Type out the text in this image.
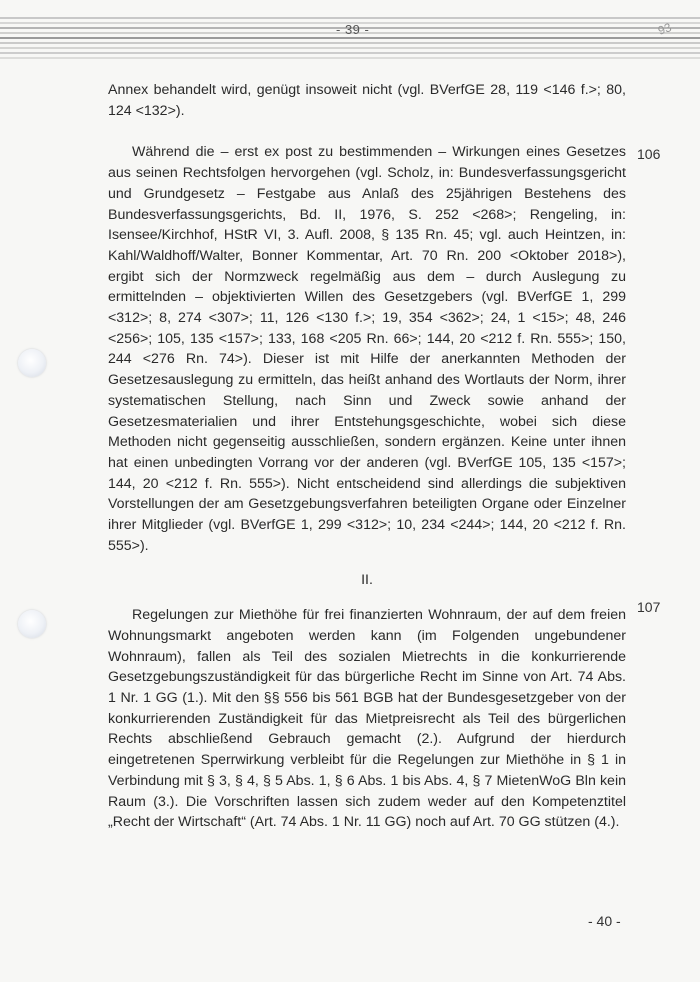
- 39 -	93
106
107

Annex behandelt wird, genügt insoweit nicht (vgl. BVerfGE 28, 119 <146 f.>; 80, 124 <132>).

Während die – erst ex post zu bestimmenden – Wirkungen eines Gesetzes aus seinen Rechtsfolgen hervorgehen (vgl. Scholz, in: Bundesverfassungsgericht und Grundgesetz – Festgabe aus Anlaß des 25jährigen Bestehens des Bundesverfassungsgerichts, Bd. II, 1976, S. 252 <268>; Rengeling, in: Isensee/Kirchhof, HStR VI, 3. Aufl. 2008, § 135 Rn. 45; vgl. auch Heintzen, in: Kahl/Waldhoff/Walter, Bonner Kommentar, Art. 70 Rn. 200 <Oktober 2018>), ergibt sich der Normzweck regelmäßig aus dem – durch Auslegung zu ermittelnden – objektivierten Willen des Gesetzgebers (vgl. BVerfGE 1, 299 <312>; 8, 274 <307>; 11, 126 <130 f.>; 19, 354 <362>; 24, 1 <15>; 48, 246 <256>; 105, 135 <157>; 133, 168 <205 Rn. 66>; 144, 20 <212 f. Rn. 555>; 150, 244 <276 Rn. 74>). Dieser ist mit Hilfe der anerkannten Methoden der Gesetzesauslegung zu ermitteln, das heißt anhand des Wortlauts der Norm, ihrer systematischen Stellung, nach Sinn und Zweck sowie anhand der Gesetzesmaterialien und ihrer Entstehungsgeschichte, wobei sich diese Methoden nicht gegenseitig ausschließen, sondern ergänzen. Keine unter ihnen hat einen unbedingten Vorrang vor der anderen (vgl. BVerfGE 105, 135 <157>; 144, 20 <212 f. Rn. 555>). Nicht entscheidend sind allerdings die subjektiven Vorstellungen der am Gesetzgebungsverfahren beteiligten Organe oder Einzelner ihrer Mitglieder (vgl. BVerfGE 1, 299 <312>; 10, 234 <244>; 144, 20 <212 f. Rn. 555>).

II.

Regelungen zur Miethöhe für frei finanzierten Wohnraum, der auf dem freien Wohnungsmarkt angeboten werden kann (im Folgenden ungebundener Wohnraum), fallen als Teil des sozialen Mietrechts in die konkurrierende Gesetzgebungszuständigkeit für das bürgerliche Recht im Sinne von Art. 74 Abs. 1 Nr. 1 GG (1.). Mit den §§ 556 bis 561 BGB hat der Bundesgesetzgeber von der konkurrierenden Zuständigkeit für das Mietpreisrecht als Teil des bürgerlichen Rechts abschließend Gebrauch gemacht (2.). Aufgrund der hierdurch eingetretenen Sperrwirkung verbleibt für die Regelungen zur Miethöhe in § 1 in Verbindung mit § 3, § 4, § 5 Abs. 1, § 6 Abs. 1 bis Abs. 4, § 7 MietenWoG Bln kein Raum (3.). Die Vorschriften lassen sich zudem weder auf den Kompetenztitel „Recht der Wirtschaft“ (Art. 74 Abs. 1 Nr. 11 GG) noch auf Art. 70 GG stützen (4.).

- 40 -
